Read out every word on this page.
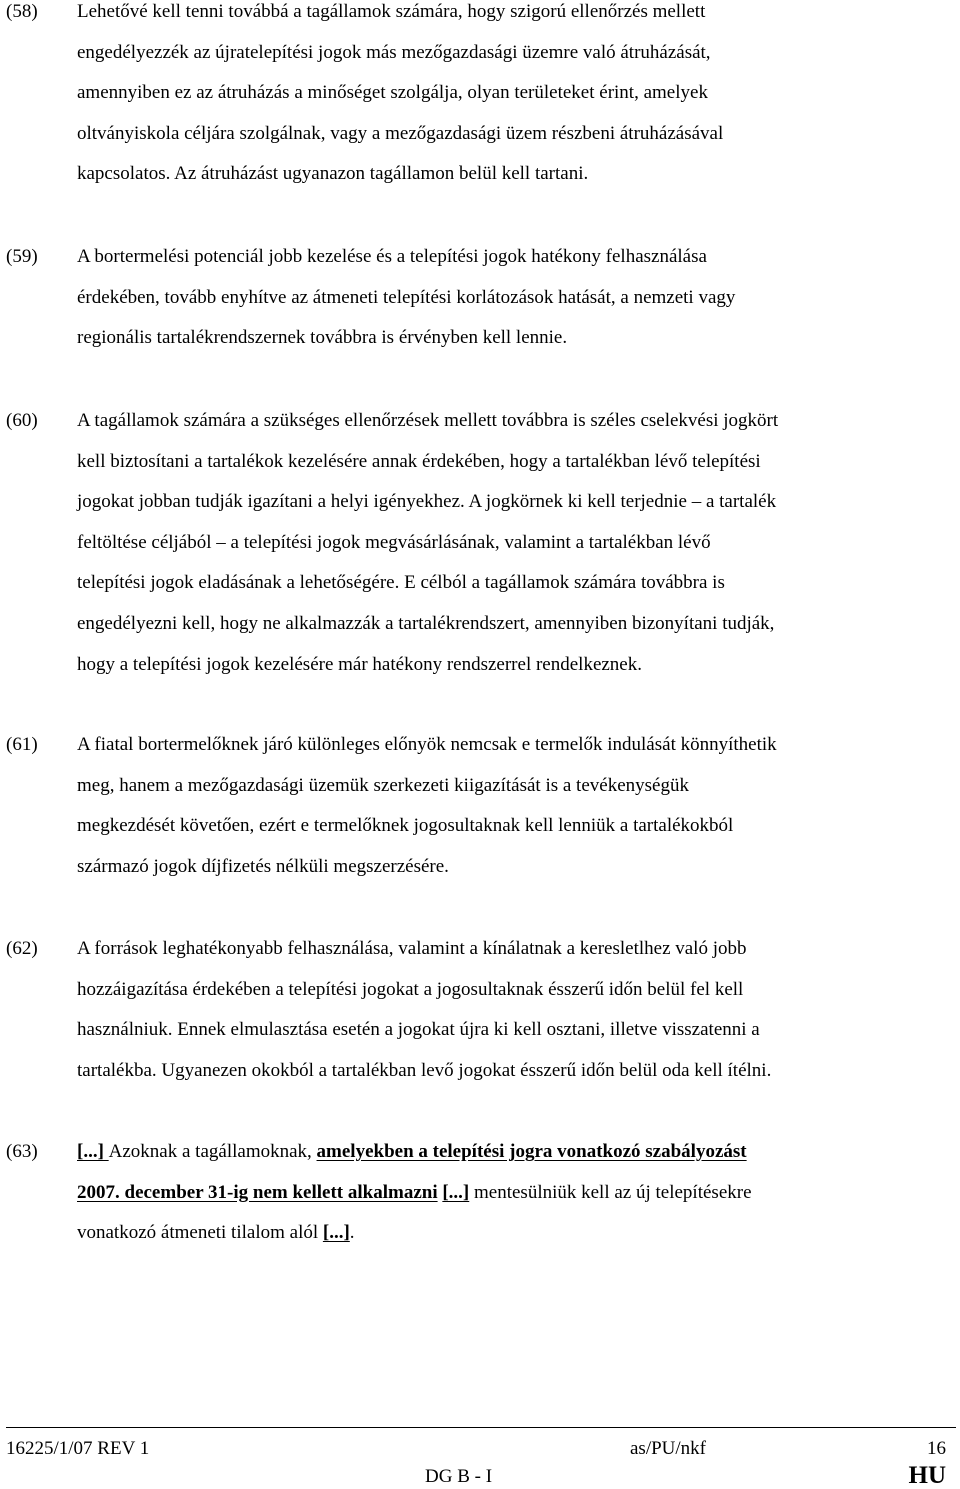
(58)	Lehetővé kell tenni továbbá a tagállamok számára, hogy szigorú ellenőrzés mellett
engedélyezzék az újratelepítési jogok más mezőgazdasági üzemre való átruházását,
amennyiben ez az átruházás a minőséget szolgálja, olyan területeket érint, amelyek
oltványiskola céljára szolgálnak, vagy a mezőgazdasági üzem részbeni átruházásával
kapcsolatos. Az átruházást ugyanazon tagállamon belül kell tartani.
(59)	A bortermelési potenciál jobb kezelése és a telepítési jogok hatékony felhasználása
érdekében, tovább enyhítve az átmeneti telepítési korlátozások hatását, a nemzeti vagy
regionális tartalékrendszernek továbbra is érvényben kell lennie.
(60)	A tagállamok számára a szükséges ellenőrzések mellett továbbra is széles cselekvési jogkört
kell biztosítani a tartalékok kezelésére annak érdekében, hogy a tartalékban lévő telepítési
jogokat jobban tudják igazítani a helyi igényekhez. A jogkörnek ki kell terjednie – a tartalék
feltöltése céljából – a telepítési jogok megvásárlásának, valamint a tartalékban lévő
telepítési jogok eladásának a lehetőségére. E célból a tagállamok számára továbbra is
engedélyezni kell, hogy ne alkalmazzák a tartalékrendszert, amennyiben bizonyítani tudják,
hogy a telepítési jogok kezelésére már hatékony rendszerrel rendelkeznek.
(61)	A fiatal bortermelőknek járó különleges előnyök nemcsak e termelők indulását könnyíthetik
meg, hanem a mezőgazdasági üzemük szerkezeti kiigazítását is a tevékenységük
megkezdését követően, ezért e termelőknek jogosultaknak kell lenniük a tartalékokból
származó jogok díjfizetés nélküli megszerzésére.
(62)	A források leghatékonyabb felhasználása, valamint a kínálatnak a keresletlhez való jobb
hozzáigazítása érdekében a telepítési jogokat a jogosultaknak ésszerű időn belül fel kell
használniuk. Ennek elmulasztása esetén a jogokat újra ki kell osztani, illetve visszatenni a
tartalékba. Ugyanezen okokból a tartalékban levő jogokat ésszerű időn belül oda kell ítélni.
(63)	[...] Azoknak a tagállamoknak, amelyekben a telepítési jogra vonatkozó szabályozást
2007. december 31-ig nem kellett alkalmazni [...] mentesülniük kell az új telepítésekre
vonatkozó átmeneti tilalom alól [...].
16225/1/07 REV 1	as/PU/nkf	16
DG B - I	HU
